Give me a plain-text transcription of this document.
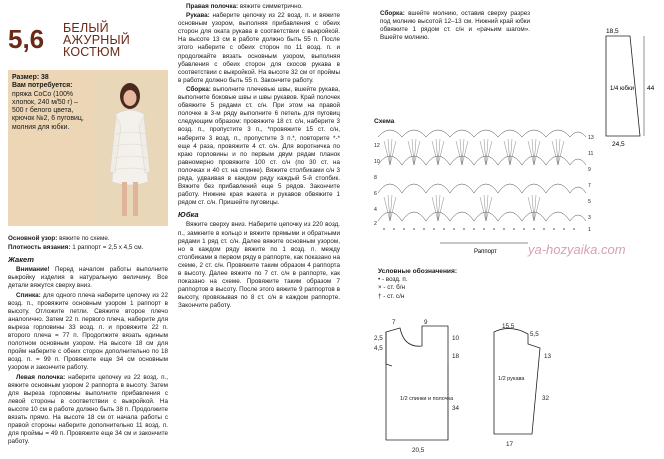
5,6 БЕЛЫЙ
АЖУРНЫЙ
КОСТЮМ
Размер: 38
Вам потребуется:
пряжа CoCo (100% хлопок, 240 м/50 г) – 500 г белого цвета, крючок №2, 6 пуговиц, молния для юбки.

Основной узор: вяжите по схеме.

Плотность вязания: 1 раппорт = 2,5 x 4,5 см.

Жакет

Внимание! Перед началом работы выполните выкройку изделия в натуральную величину. Все детали вяжутся сверху вниз.

Спинка: для одного плеча наберите цепочку из 22 возд. п., провяжите основным узором 1 раппорт в высоту. Отложите петли. Свяжите второе плечо аналогично. Затем 22 п. первого плеча, наберите для выреза горловины 33 возд. п. и провяжите 22 п. второго плеча = 77 п. Продолжите вязать единым полотном основным узором. На высоте 18 см для пройм наберите с обеих сторон дополнительно по 18 возд. п. = 99 п. Провяжите еще 34 см основным узором и закончите работу.

Левая полочка: наберите цепочку из 22 возд. п., вяжите основным узором 2 раппорта в высоту. Затем для выреза горловины выполните прибавления с левой стороны в соответствии с выкройкой. На высоте 10 см в работе должно быть 38 п. Продолжите вязать прямо. На высоте 18 см от начала работы с правой стороны наберите дополнительно 11 возд. п. для проймы = 49 п. Провяжите еще 34 см и закончите работу.

Правая полочка: вяжите симметрично.

Рукава: наберите цепочку из 22 возд. п. и вяжите основным узором, выполняя прибавления с обеих сторон для оката рукава в соответствии с выкройкой. На высоте 13 см в работе должно быть 55 п. После этого наберите с обеих сторон по 11 возд. п. и продолжайте вязать основным узором, выполняя убавления с обеих сторон для скосов рукава в соответствии с выкройкой. На высоте 32 см от проймы в работе должно быть 55 п. Закончите работу.

Сборка: выполните плечевые швы, вшейте рукава, выполните боковые швы и швы рукавов. Край полочек обвяжите 5 рядами ст. с/н. При этом на правой полочке в 3-м ряду выполните 6 петель для пуговиц следующим образом: провяжите 18 ст. с/н, наберите 3 возд. п., пропустите 3 п., *провяжите 15 ст. с/н, наберите 3 возд. п., пропустите 3 п.*, повторите *-* еще 4 раза, провяжите 4 ст. с/н. Для воротничка по краю горловины и по первым двум рядам планок равномерно провяжите 100 ст. с/н (по 30 ст. на полочках и 40 ст. на спинке). Вяжите столбиками с/н 3 ряда, удваивая в каждом ряду каждый 5-й столбик. Вяжите без прибавлений еще 5 рядов. Закончите работу. Нижние края жакета и рукавов обвяжите 1 рядом ст. с/н. Пришейте пуговицы.

Юбка

Вяжите сверху вниз. Наберите цепочку из 220 возд. п., замкните в кольцо и вяжите прямыми и обратными рядами 1 ряд ст. с/н. Далее вяжите основным узором, но в каждом ряду вяжите по 1 возд. п. между столбиками в первом ряду в раппорте, как показано на схеме, 2 ст. с/н. Провяжите таким образом 4 раппорта в высоту. Далее вяжите по 7 ст. с/н в раппорте, как показано на схеме. Провяжите таким образом 7 раппортов в высоту. После этого вяжите 9 раппортов в высоту, провязывая по 8 ст. с/н в каждом раппорте. Закончите работу.

Сборка: вшейте молнию, оставив сверху разрез под молнию высотой 12–13 см. Нижний край юбки обвяжите 1 рядом ст. с/н и «рачьим шагом». Вшейте молнию.

18,5
44
24,5
1/4 юбки
Схема
13
11
9
7
5
3
1
12
10
8
6
4
2
Раппорт ya-hozyaika.com
Условные обозначения:
• - возд. п.
× - ст. б/н
† - ст. с/н
7	9
2,5
4,5
10
18
34
20,5
1/2 спинки и полочка
15,5
5,5
13
32
17
1/2 рукава
